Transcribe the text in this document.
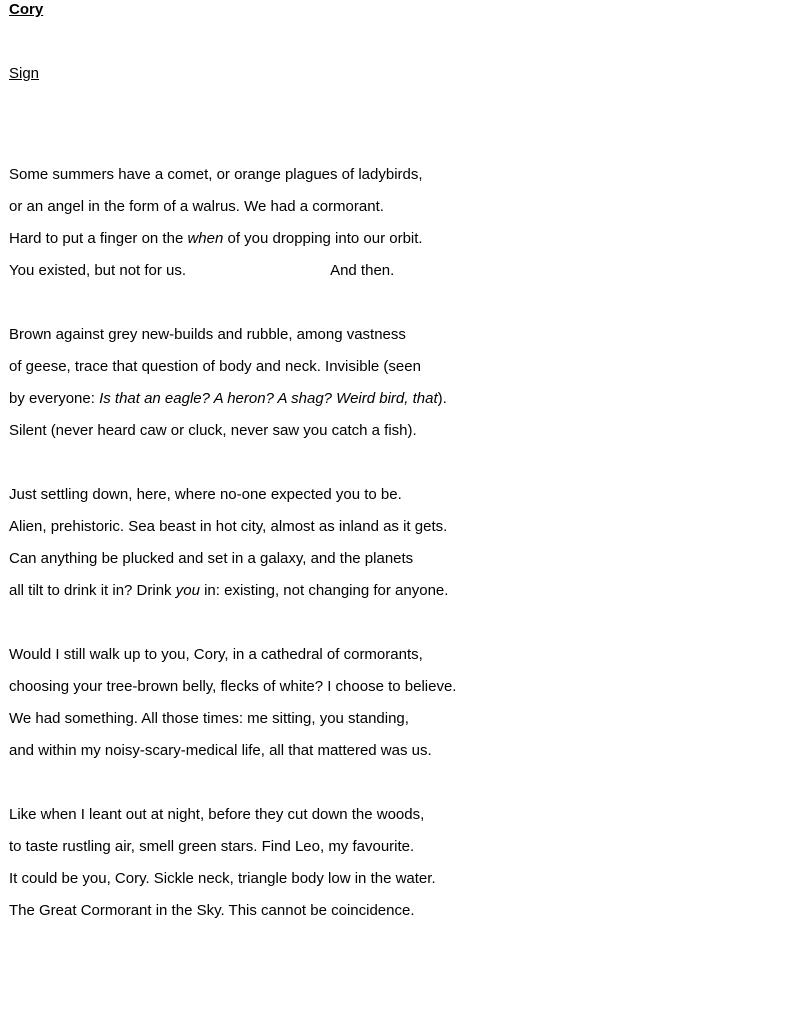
Cory
Sign
Some summers have a comet, or orange plagues of ladybirds,
or an angel in the form of a walrus. We had a cormorant.
Hard to put a finger on the when of you dropping into our orbit.
You existed, but not for us.	And then.
Brown against grey new-builds and rubble, among vastness
of geese, trace that question of body and neck. Invisible (seen
by everyone: Is that an eagle? A heron? A shag? Weird bird, that).
Silent (never heard caw or cluck, never saw you catch a fish).
Just settling down, here, where no-one expected you to be.
Alien, prehistoric. Sea beast in hot city, almost as inland as it gets.
Can anything be plucked and set in a galaxy, and the planets
all tilt to drink it in? Drink you in: existing, not changing for anyone.
Would I still walk up to you, Cory, in a cathedral of cormorants,
choosing your tree-brown belly, flecks of white? I choose to believe.
We had something. All those times: me sitting, you standing,
and within my noisy-scary-medical life, all that mattered was us.
Like when I leant out at night, before they cut down the woods,
to taste rustling air, smell green stars. Find Leo, my favourite.
It could be you, Cory. Sickle neck, triangle body low in the water.
The Great Cormorant in the Sky. This cannot be coincidence.
